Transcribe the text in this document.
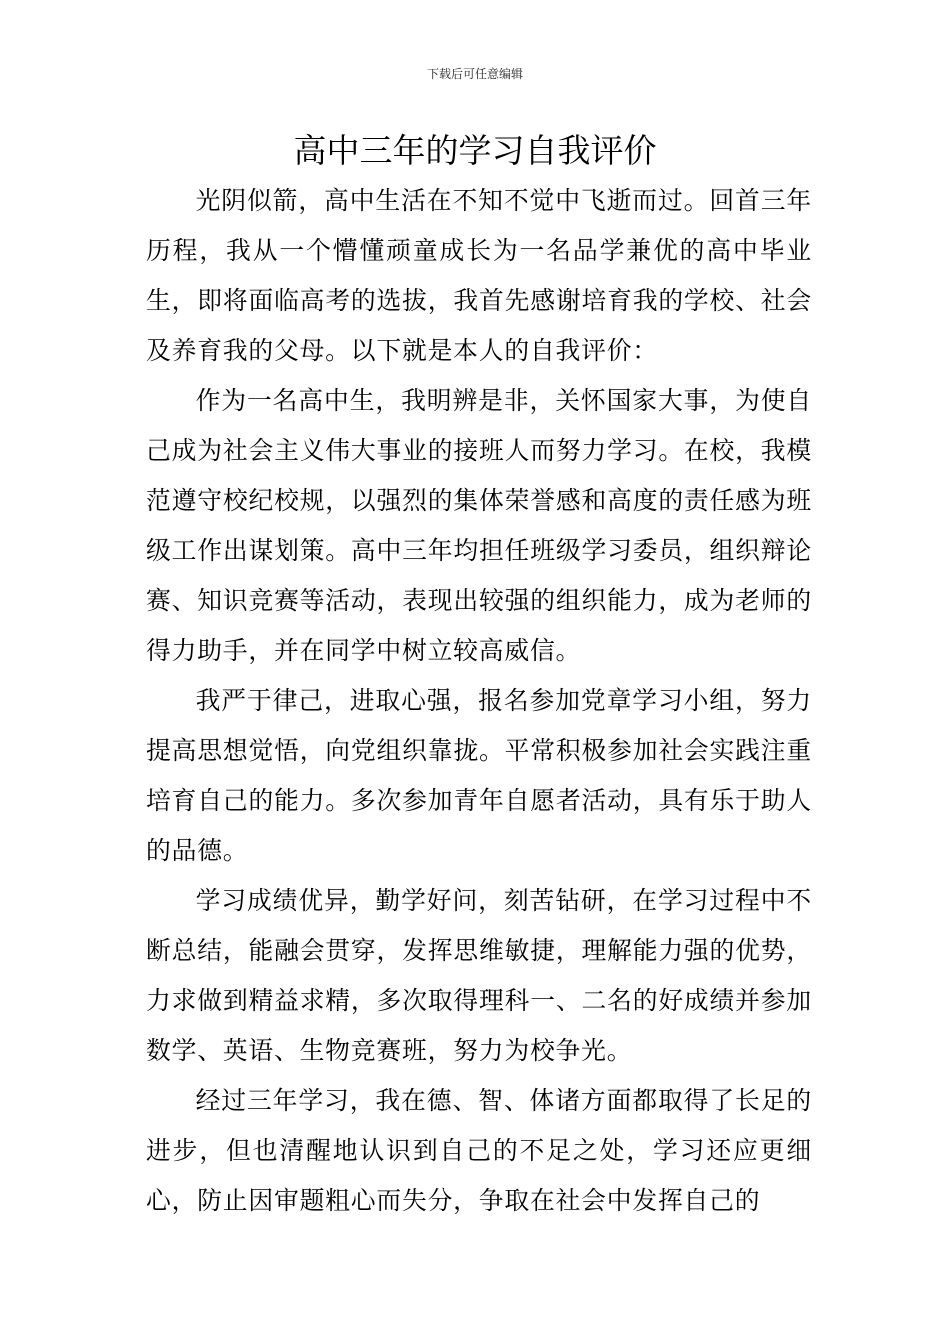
下载后可任意编辑
高中三年的学习自我评价

光阴似箭，高中生活在不知不觉中飞逝而过。回首三年历程，我从一个懵懂顽童成长为一名品学兼优的高中毕业生，即将面临高考的选拔，我首先感谢培育我的学校、社会及养育我的父母。以下就是本人的自我评价：

作为一名高中生，我明辨是非，关怀国家大事，为使自己成为社会主义伟大事业的接班人而努力学习。在校，我模范遵守校纪校规，以强烈的集体荣誉感和高度的责任感为班级工作出谋划策。高中三年均担任班级学习委员，组织辩论赛、知识竞赛等活动，表现出较强的组织能力，成为老师的得力助手，并在同学中树立较高威信。

我严于律己，进取心强，报名参加党章学习小组，努力提高思想觉悟，向党组织靠拢。平常积极参加社会实践注重培育自己的能力。多次参加青年自愿者活动，具有乐于助人的品德。

学习成绩优异，勤学好问，刻苦钻研，在学习过程中不断总结，能融会贯穿，发挥思维敏捷，理解能力强的优势，力求做到精益求精，多次取得理科一、二名的好成绩并参加数学、英语、生物竞赛班，努力为校争光。

经过三年学习，我在德、智、体诸方面都取得了长足的进步，但也清醒地认识到自己的不足之处，学习还应更细心，防止因审题粗心而失分，争取在社会中发挥自己的
